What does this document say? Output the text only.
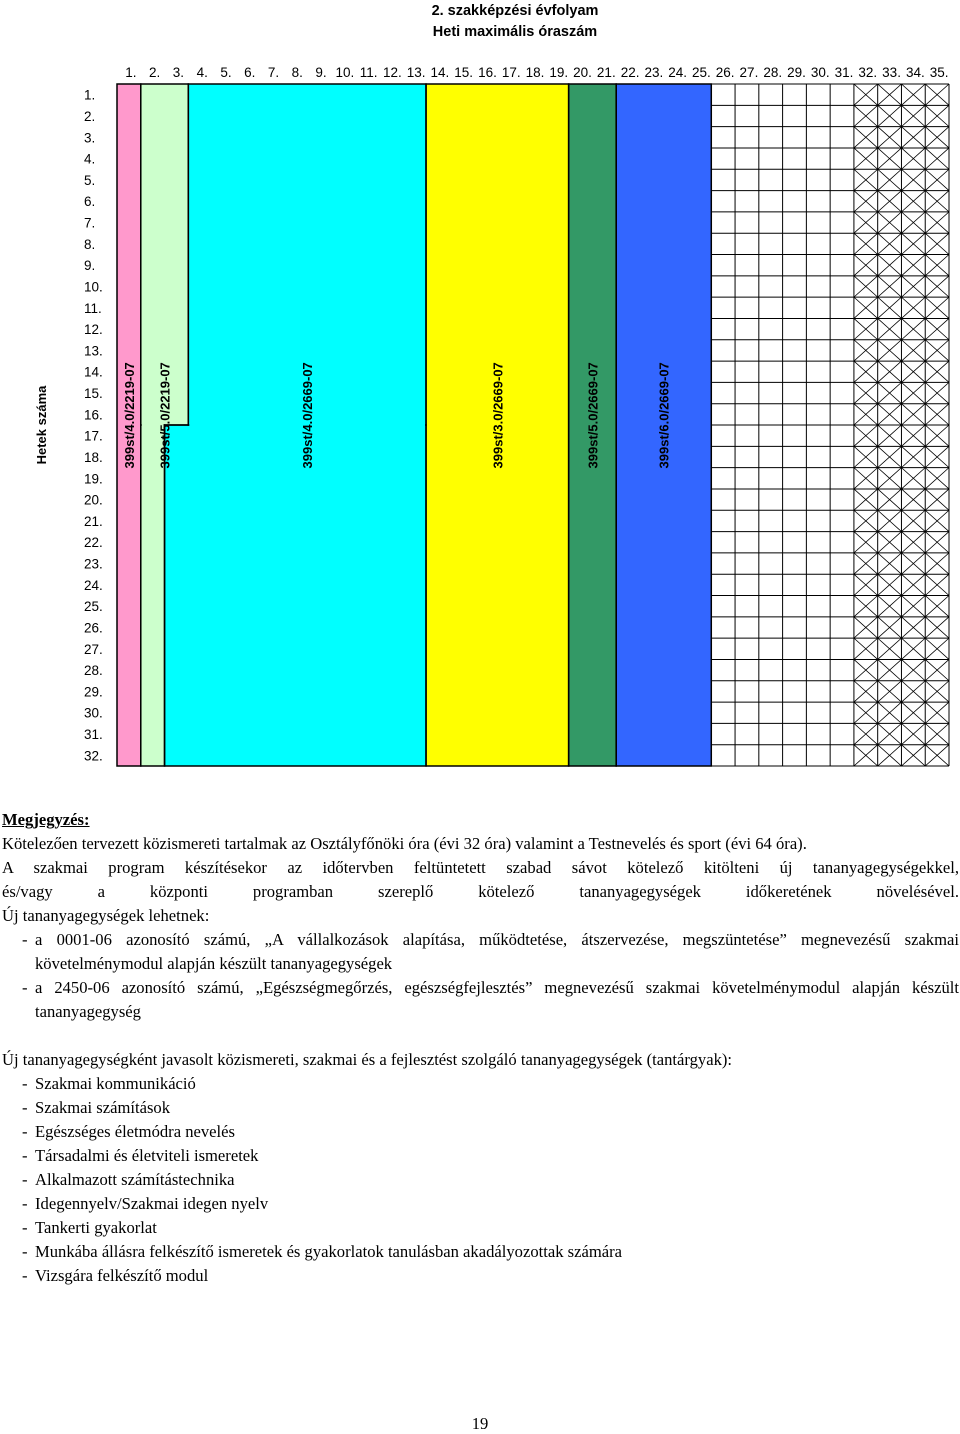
2. szakképzési évfolyam
Heti maximális óraszám
Hetek száma
1. 2. 3. 4. 5. 6. 7. 8. 9. 10. 11. 12. 13. 14. 15. 16. 17. 18. 19. 20. 21. 22. 23. 24. 25. 26. 27. 28. 29. 30. 31. 32. 33. 34. 35.
1.
2.
3.
4.
5.
6.
7.
8.
9.
10.
11.
12.
13.
14.
15.
16.
17.
18.
19.
20.
21.
22.
23.
24.
25.
26.
27.
28.
29.
30.
31.
32.
399st/4.0/2219-07 399st/5.0/2219-07	399st/4.0/2669-07	399st/3.0/2669-07	399st/5.0/2669-07	399st/6.0/2669-07

Megjegyzés:

Kötelezően tervezett közismereti tartalmak az Osztályfőnöki óra (évi 32 óra) valamint a Testnevelés és sport (évi 64 óra).

A szakmai program készítésekor az időtervben feltüntetett szabad sávot kötelező kitölteni új tananyagegységekkel,

és/vagy a központi programban szereplő kötelező tananyagegységek időkeretének növelésével.

Új tananyagegységek lehetnek:

- a 0001-06 azonosító számú, „A vállalkozások alapítása, működtetése, átszervezése, megszüntetése” megnevezésű szakmai követelménymodul alapján készült tananyagegységek
- a 2450-06 azonosító számú, „Egészségmegőrzés, egészségfejlesztés” megnevezésű szakmai követelménymodul alapján készült tananyagegység

Új tananyagegységként javasolt közismereti, szakmai és a fejlesztést szolgáló tananyagegységek (tantárgyak):

- Szakmai kommunikáció
- Szakmai számítások
- Egészséges életmódra nevelés
- Társadalmi és életviteli ismeretek
- Alkalmazott számítástechnika
- Idegennyelv/Szakmai idegen nyelv
- Tankerti gyakorlat
- Munkába állásra felkészítő ismeretek és gyakorlatok tanulásban akadályozottak számára
- Vizsgára felkészítő modul
19
